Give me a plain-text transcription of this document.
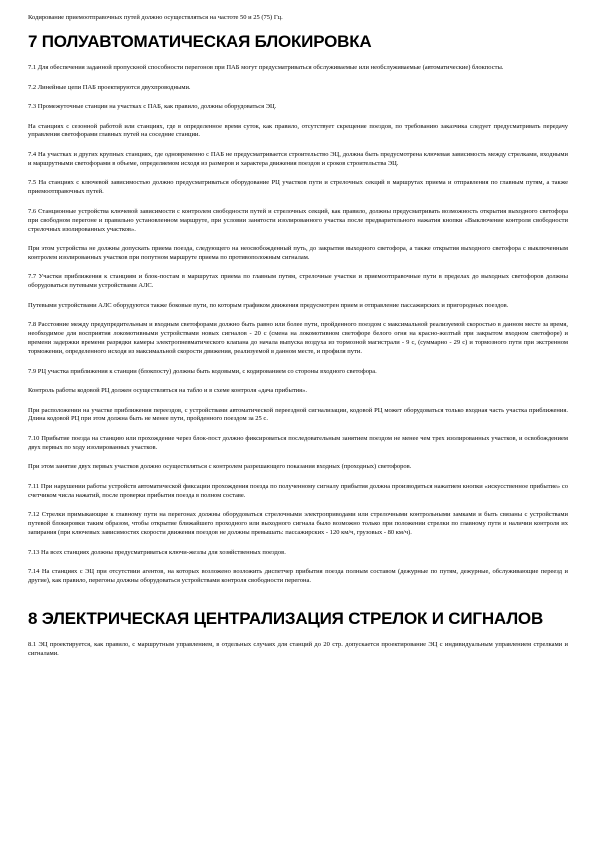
Кодирование приемоотправочных путей должно осуществляться на частоте 50 и 25 (75) Гц.

7 ПОЛУАВТОМАТИЧЕСКАЯ БЛОКИРОВКА

7.1 Для обеспечения заданной пропускной способности перегонов при ПАБ могут предусматриваться обслуживаемые или необслуживаемые (автоматические) блокпосты.

7.2 Линейные цепи ПАБ проектируются двухпроводными.

7.3 Промежуточные станции на участках с ПАБ, как правило, должны оборудоваться ЭЦ.

На станциях с сезонной работой или станциях, где в определенное время суток, как правило, отсутствует скрещение поездов, по требованию заказчика следует предусматривать передачу управления светофорами главных путей на соседние станции.

7.4 На участках и других крупных станциях, где одновременно с ПАБ не предусматривается строительство ЭЦ, должна быть предусмотрена ключевая зависимость между стрелками, входными и маршрутными светофорами в объеме, определяемом исходя из размеров и характера движения поездов и сроков строительства ЭЦ.

7.5 На станциях с ключевой зависимостью должно предусматриваться оборудование РЦ участков пути и стрелочных секций в маршрутах приема и отправления по главным путям, а также приемоотправочных путей.

7.6 Станционные устройства ключевой зависимости с контролем свободности путей и стрелочных секций, как правило, должны предусматривать возможность открытия выходного светофора при свободном перегоне и правильно установленном маршруте, при условии занятости изолированного участка после предварительного нажатия кнопки «Выключение контроля свободности стрелочных изолированных участков».

При этом устройства не должны допускать приема поезда, следующего на неосвобожденный путь, до закрытия выходного светофора, а также открытия выходного светофора с выключенным контролем изолированных участков при попутном маршруте приема по противоположным сигналам.

7.7 Участки приближения к станциям и блок-постам в маршрутах приема по главным путям, стрелочные участки и приемоотправочные пути в пределах до выходных светофоров должны оборудоваться путевыми устройствами АЛС.

Путевыми устройствами АЛС оборудуются также боковые пути, по которым графиком движения предусмотрен прием и отправление пассажирских и пригородных поездов.

7.8 Расстояние между предупредительным и входным светофорами должно быть равно или более пути, пройденного поездом с максимальной реализуемой скоростью в данном месте за время, необходимое для восприятия локомотивными устройствами новых сигналов - 20 с (смена на локомотивном светофоре белого огня на красно-желтый при закрытом входном светофоре) и времени задержки времени разрядки камеры электропневматического клапана до начала выпуска воздуха из тормозной магистрали - 9 с, (суммарно - 29 с) и тормозного пути при экстренном торможении, определенного исходя из максимальной скорости движения, реализуемой в данном месте, и профиля пути.

7.9 РЦ участка приближения к станции (блокпосту) должны быть кодовыми, с кодированием со стороны входного светофора.

Контроль работы кодовой РЦ должен осуществляться на табло и в схеме контроля «дача прибытия».

При расположении на участке приближения переездов, с устройствами автоматической переездной сигнализации, кодовой РЦ может оборудоваться только входная часть участка приближения. Длина кодовой РЦ при этом должна быть не менее пути, пройденного поездом за 25 с.

7.10 Прибытие поезда на станцию или прохождение через блок-пост должно фиксироваться последовательным занятием поездом не менее чем трех изолированных участков, и освобождением двух первых по ходу изолированных участков.

При этом занятие двух первых участков должно осуществляться с контролем разрешающего показания входных (проходных) светофоров.

7.11 При нарушении работы устройств автоматической фиксации прохождения поезда по полученному сигналу прибытия должна производиться нажатием кнопки «искусственное прибытие» со счетчиком числа нажатий, после проверки прибытия поезда в полном составе.

7.12 Стрелки примыкающие к главному пути на перегонах должны оборудоваться стрелочными электроприводами или стрелочными контрольными замками и быть связаны с устройствами путевой блокировки таким образом, чтобы открытие ближайшего проходного или выходного сигнала было возможно только при положении стрелки по главному пути и наличии контроля их запирания (при ключевых зависимостях скорости движения поездов не должны превышать: пассажирских - 120 км/ч, грузовых - 80 км/ч).

7.13 На всех станциях должны предусматриваться ключи-жезлы для хозяйственных поездов.

7.14 На станциях с ЭЦ при отсутствии агентов, на которых возложено возложить диспетчер прибытия поезда полным составом (дежурные по путям, дежурные, обслуживающие переезд и другие), как правило, перегоны должны оборудоваться устройствами контроля свободности перегона.

8 ЭЛЕКТРИЧЕСКАЯ ЦЕНТРАЛИЗАЦИЯ СТРЕЛОК И СИГНАЛОВ

8.1 ЭЦ проектируется, как правило, с маршрутным управлением, в отдельных случаях для станций до 20 стр. допускается проектирование ЭЦ с индивидуальным управлением стрелками и сигналами.
